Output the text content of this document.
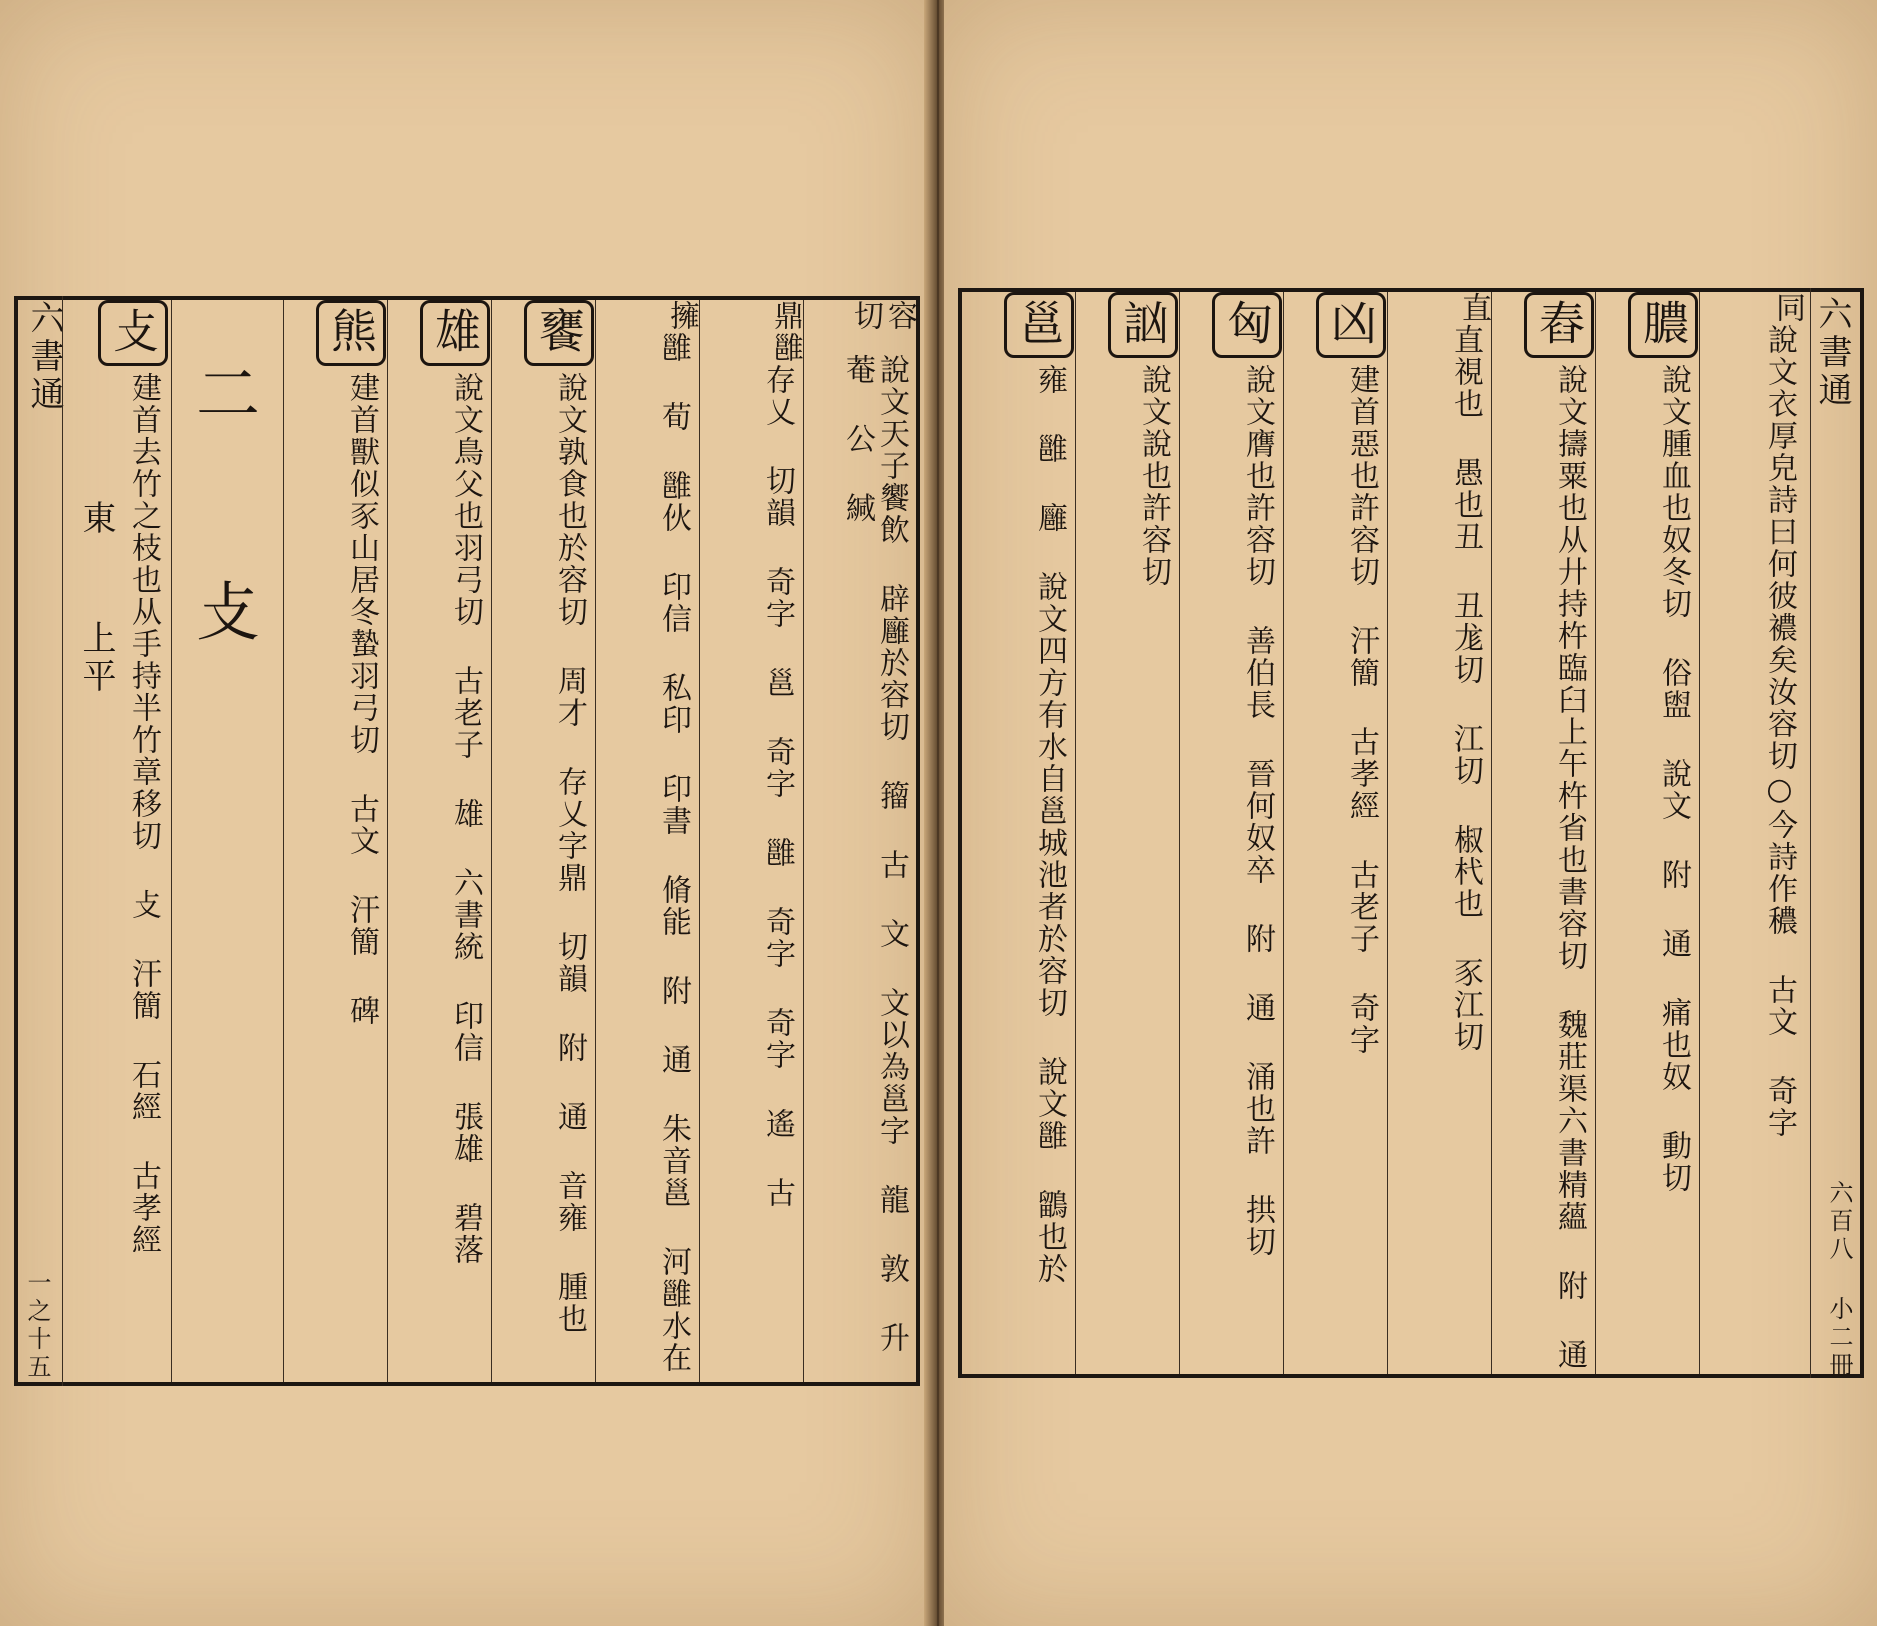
六書通
東
上平
一之十五
容切
說文天子饗飲 辟廱於容切 籀 古 文 文以為邕字 龍 敦 升 菴 公 緘
鼎雝
存乂 切韻 奇字 邕 奇字 雝 奇字 奇字 遙 古
擁
雝 荀 雝伙 印信 私印 印書 脩能 附 通 朱音邕 河雝水在
饔
說文孰食也於容切 周才 存乂字鼎 切韻 附 通 音雍 腫也
雄
說文鳥父也羽弓切 古老子 雄 六書統 印信 張雄 碧落
熊
建首獸似豕山居冬蟄羽弓切 古文 汗簡 碑
二 攴
攴
建首去竹之枝也从手持半竹章移切 攴 汗簡 石經 古孝經
六書通
六百八 小二冊
同
說文衣厚皃詩曰何彼襛矣汝容切○今詩作穠 古文 奇字
膿
說文腫血也奴冬切 俗盥 說文 附 通 痛也奴 動切
舂
說文擣粟也从廾持杵臨臼上午杵省也書容切 魏莊渠六書精蘊 附 通
直
直視也 愚也丑 丑尨切 江切 椒杙也 豕江切
凶
建首惡也許容切 汗簡 古孝經 古老子 奇字
匈
說文膺也許容切 善伯長 晉何奴卒 附 通 涌也許 拱切
訩
說文說也許容切
邕
雍 雝 廱 說文四方有水自邕城池者於容切 說文雝 鶹也於
